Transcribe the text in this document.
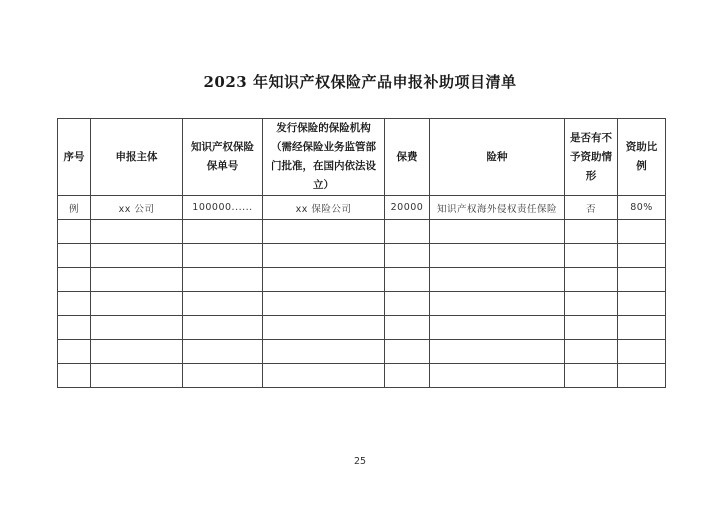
2023 年知识产权保险产品申报补助项目清单
序号	申报主体	知识产权保险保单号	发行保险的保险机构（需经保险业务监管部门批准，在国内依法设立）	保费	险种	是否有不予资助情形	资助比例
例	xx 公司	100000......	xx 保险公司	20000	知识产权海外侵权责任保险	否	80%

25
